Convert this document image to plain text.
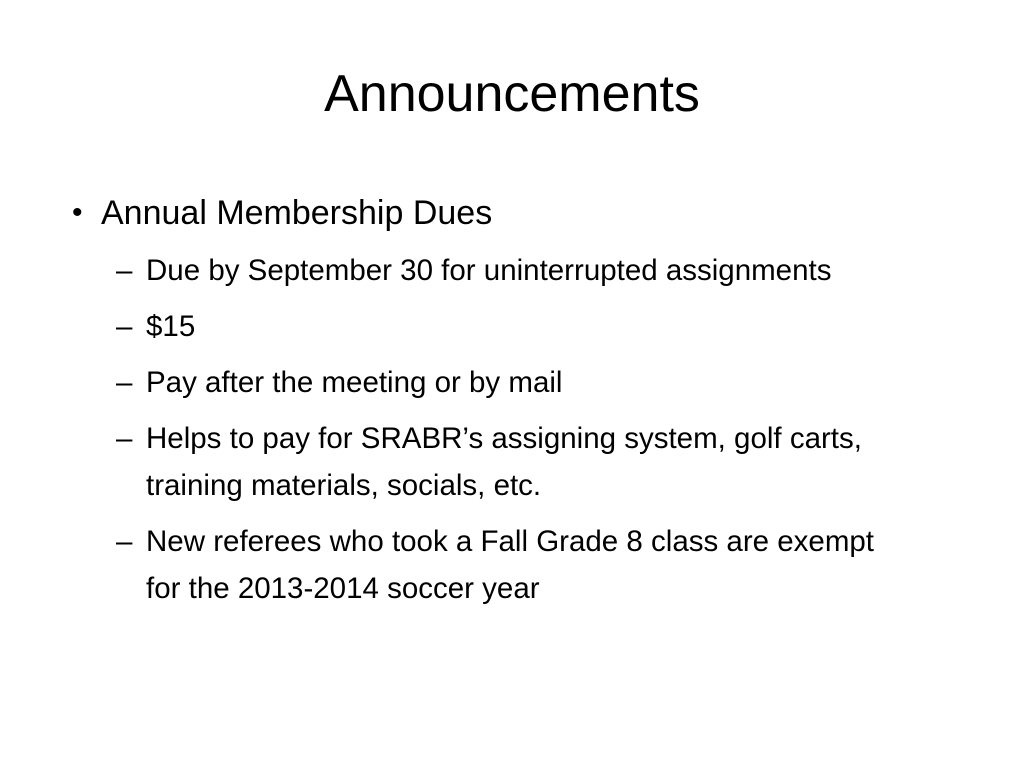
Announcements
• Annual Membership Dues
– Due by September 30 for uninterrupted assignments
– $15
– Pay after the meeting or by mail
– Helps to pay for SRABR’s assigning system, golf carts, training materials, socials, etc.
– New referees who took a Fall Grade 8 class are exempt for the 2013-2014 soccer year
